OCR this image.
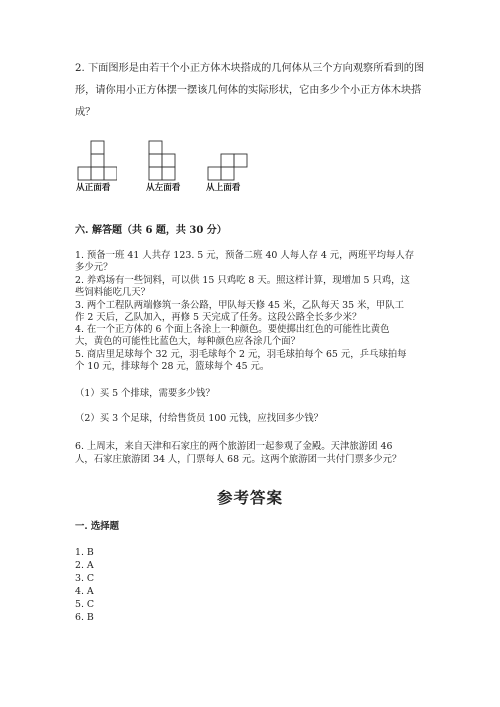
2. 下面图形是由若干个小正方体木块搭成的几何体从三个方向观察所看到的图
形，请你用小正方体摆一摆该几何体的实际形状，它由多少个小正方体木块搭
成？
从正面看	从左面看	从上面看
六. 解答题（共 6 题，共 30 分）
1. 预备一班 41 人共存 123. 5 元，预备二班 40 人每人存 4 元，两班平均每人存
多少元？
2. 养鸡场有一些饲料，可以供 15 只鸡吃 8 天。照这样计算，现增加 5 只鸡，这
些饲料能吃几天？
3. 两个工程队两端修筑一条公路，甲队每天修 45 米，乙队每天 35 米，甲队工
作 2 天后，乙队加入，再修 5 天完成了任务。这段公路全长多少米？
4. 在一个正方体的 6 个面上各涂上一种颜色。要使掷出红色的可能性比黄色
大，黄色的可能性比蓝色大，每种颜色应各涂几个面？
5. 商店里足球每个 32 元，羽毛球每个 2 元，羽毛球拍每个 65 元，乒乓球拍每
个 10 元，排球每个 28 元，篮球每个 45 元。
（1）买 5 个排球，需要多少钱？
（2）买 3 个足球，付给售货员 100 元钱，应找回多少钱？
6. 上周末，来自天津和石家庄的两个旅游团一起参观了金殿。天津旅游团 46
人，石家庄旅游团 34 人，门票每人 68 元。这两个旅游团一共付门票多少元？
参考答案
一. 选择题
1. B
2. A
3. C
4. A
5. C
6. B
